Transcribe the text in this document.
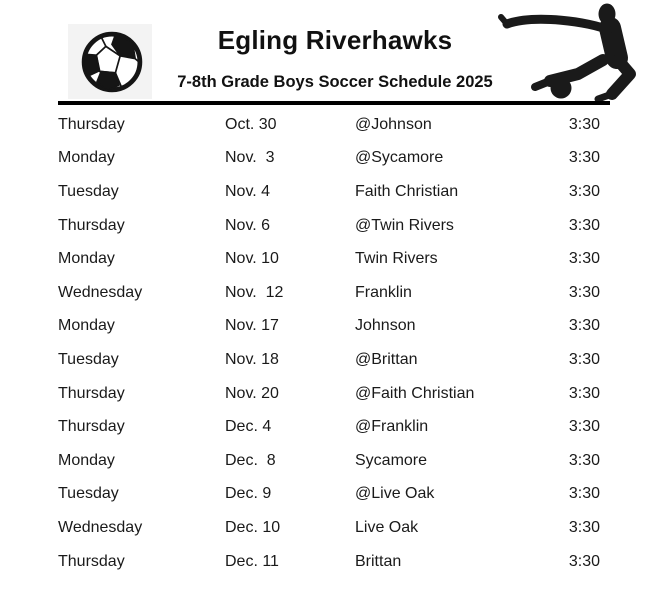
Egling Riverhawks
7-8th Grade Boys Soccer Schedule 2025
Thursday	Oct. 30	@Johnson	3:30
Monday	Nov.  3	@Sycamore	3:30
Tuesday	Nov. 4	Faith Christian	3:30
Thursday	Nov. 6	@Twin Rivers	3:30
Monday	Nov. 10	Twin Rivers	3:30
Wednesday	Nov.  12	Franklin	3:30
Monday	Nov. 17	Johnson	3:30
Tuesday	Nov. 18	@Brittan	3:30
Thursday	Nov. 20	@Faith Christian	3:30
Thursday	Dec. 4	@Franklin	3:30
Monday	Dec.  8	Sycamore	3:30
Tuesday	Dec. 9	@Live Oak	3:30
Wednesday	Dec. 10	Live Oak	3:30
Thursday	Dec. 11	Brittan	3:30
